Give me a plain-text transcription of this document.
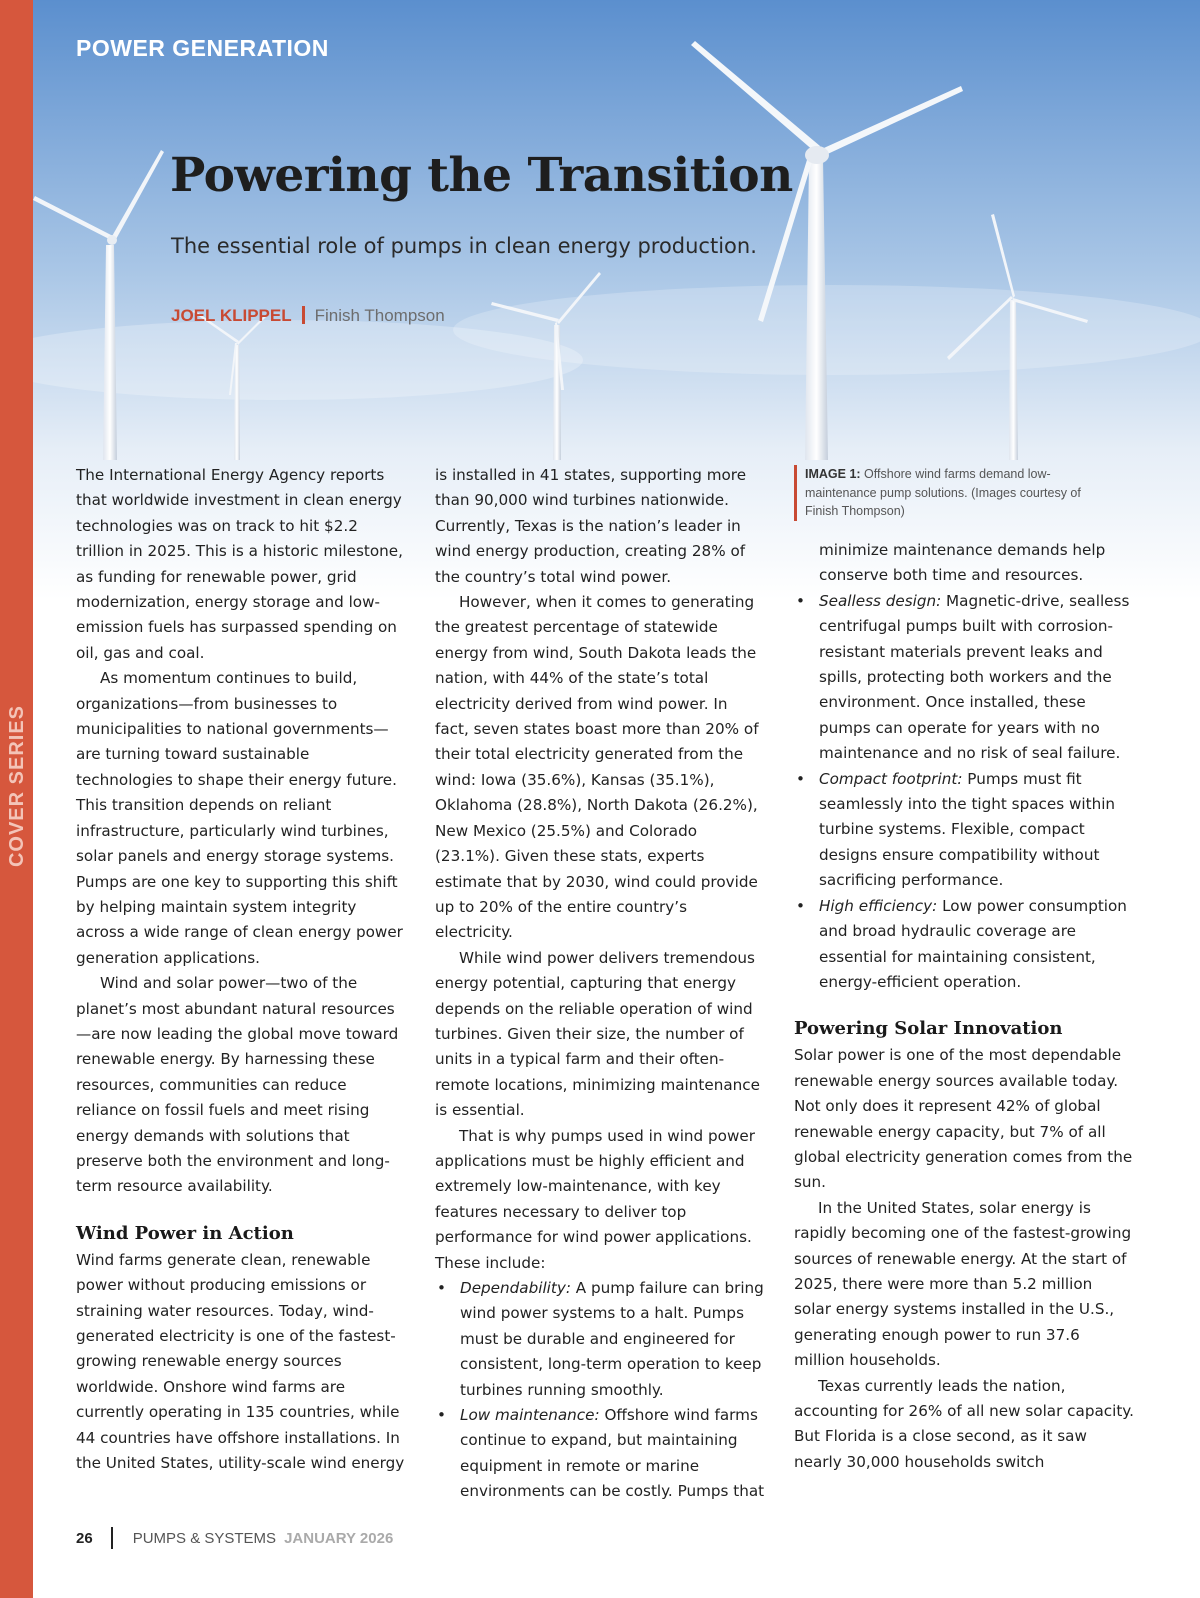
COVER SERIES
POWER GENERATION
Powering the Transition
The essential role of pumps in clean energy production.
JOEL KLIPPEL Finish Thompson

The International Energy Agency reports that worldwide investment in clean energy technologies was on track to hit $2.2 trillion in 2025. This is a historic milestone, as funding for renewable power, grid modernization, energy storage and low-emission fuels has surpassed spending on oil, gas and coal.

As momentum continues to build, organizations—from businesses to municipalities to national governments—are turning toward sustainable technologies to shape their energy future. This transition depends on reliant infrastructure, particularly wind turbines, solar panels and energy storage systems. Pumps are one key to supporting this shift by helping maintain system integrity across a wide range of clean energy power generation applications.

Wind and solar power—two of the planet’s most abundant natural resources—are now leading the global move toward renewable energy. By harnessing these resources, communities can reduce reliance on fossil fuels and meet rising energy demands with solutions that preserve both the environment and long-term resource availability.

Wind Power in Action

Wind farms generate clean, renewable power without producing emissions or straining water resources. Today, wind-generated electricity is one of the fastest-growing renewable energy sources worldwide. Onshore wind farms are currently operating in 135 countries, while 44 countries have offshore installations. In the United States, utility-scale wind energy

is installed in 41 states, supporting more than 90,000 wind turbines nationwide. Currently, Texas is the nation’s leader in wind energy production, creating 28% of the country’s total wind power.

However, when it comes to generating the greatest percentage of statewide energy from wind, South Dakota leads the nation, with 44% of the state’s total electricity derived from wind power. In fact, seven states boast more than 20% of their total electricity generated from the wind: Iowa (35.6%), Kansas (35.1%), Oklahoma (28.8%), North Dakota (26.2%), New Mexico (25.5%) and Colorado (23.1%). Given these stats, experts estimate that by 2030, wind could provide up to 20% of the entire country’s electricity.

While wind power delivers tremendous energy potential, capturing that energy depends on the reliable operation of wind turbines. Given their size, the number of units in a typical farm and their often-remote locations, minimizing maintenance is essential.

That is why pumps used in wind power applications must be highly efficient and extremely low-maintenance, with key features necessary to deliver top performance for wind power applications. These include:

• Dependability: A pump failure can bring wind power systems to a halt. Pumps must be durable and engineered for consistent, long-term operation to keep turbines running smoothly.
• Low maintenance: Offshore wind farms continue to expand, but maintaining equipment in remote or marine environments can be costly. Pumps that
IMAGE 1: Offshore wind farms demand low-maintenance pump solutions. (Images courtesy of Finish Thompson)

minimize maintenance demands help conserve both time and resources.

• Sealless design: Magnetic-drive, sealless centrifugal pumps built with corrosion-resistant materials prevent leaks and spills, protecting both workers and the environment. Once installed, these pumps can operate for years with no maintenance and no risk of seal failure.
• Compact footprint: Pumps must fit seamlessly into the tight spaces within turbine systems. Flexible, compact designs ensure compatibility without sacrificing performance.
• High efficiency: Low power consumption and broad hydraulic coverage are essential for maintaining consistent, energy-efficient operation.
Powering Solar Innovation

Solar power is one of the most dependable renewable energy sources available today. Not only does it represent 42% of global renewable energy capacity, but 7% of all global electricity generation comes from the sun.

In the United States, solar energy is rapidly becoming one of the fastest-growing sources of renewable energy. At the start of 2025, there were more than 5.2 million solar energy systems installed in the U.S., generating enough power to run 37.6 million households.

Texas currently leads the nation, accounting for 26% of all new solar capacity. But Florida is a close second, as it saw nearly 30,000 households switch

26	PUMPS & SYSTEMS JANUARY 2026
